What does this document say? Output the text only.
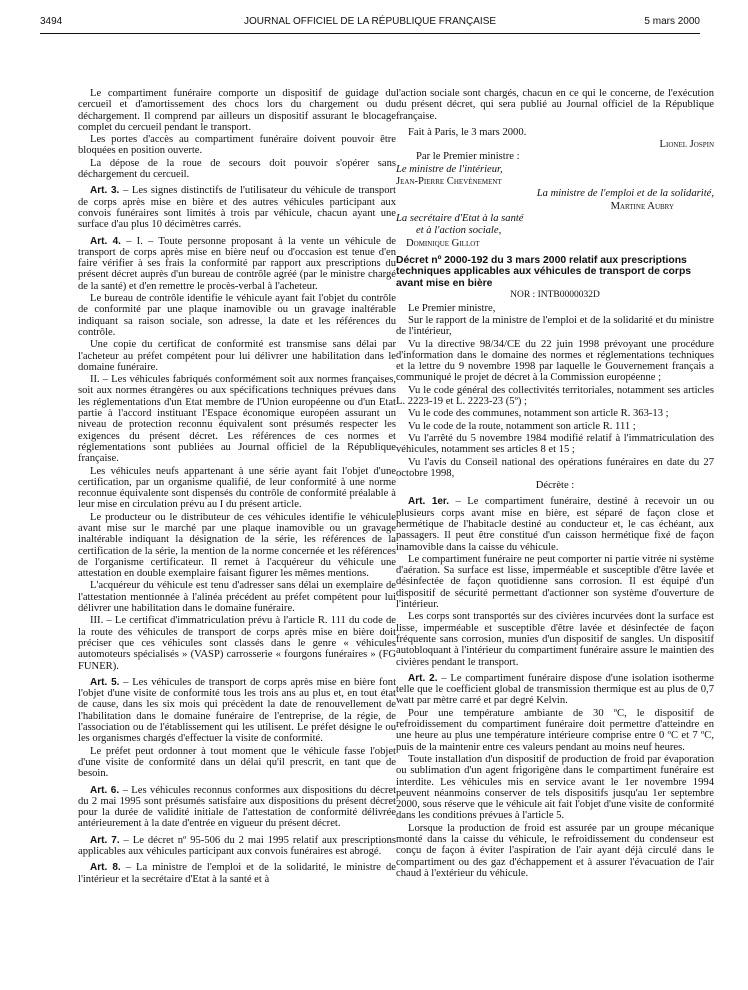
3494	JOURNAL OFFICIEL DE LA RÉPUBLIQUE FRANÇAISE	5 mars 2000

Le compartiment funéraire comporte un dispositif de guidage du cercueil et d'amortissement des chocs lors du chargement ou du déchargement. Il comprend par ailleurs un dispositif assurant le blocage complet du cercueil pendant le transport.

Les portes d'accès au compartiment funéraire doivent pouvoir être bloquées en position ouverte.

La dépose de la roue de secours doit pouvoir s'opérer sans déchargement du cercueil.

Art. 3. – Les signes distinctifs de l'utilisateur du véhicule de transport de corps après mise en bière et des autres véhicules participant aux convois funéraires sont limités à trois par véhicule, chacun ayant une surface d'au plus 10 décimètres carrés.

Art. 4. – I. – Toute personne proposant à la vente un véhicule de transport de corps après mise en bière neuf ou d'occasion est tenue d'en faire vérifier à ses frais la conformité par rapport aux prescriptions du présent décret auprès d'un bureau de contrôle agréé (par le ministre chargé de la santé) et d'en remettre le procès-verbal à l'acheteur.

Le bureau de contrôle identifie le véhicule ayant fait l'objet du contrôle de conformité par une plaque inamovible ou un gravage inaltérable indiquant sa raison sociale, son adresse, la date et les références du contrôle.

Une copie du certificat de conformité est transmise sans délai par l'acheteur au préfet compétent pour lui délivrer une habilitation dans le domaine funéraire.

II. – Les véhicules fabriqués conformément soit aux normes françaises, soit aux normes étrangères ou aux spécifications techniques prévues dans les réglementations d'un Etat membre de l'Union européenne ou d'un Etat partie à l'accord instituant l'Espace économique européen assurant un niveau de protection reconnu équivalent sont présumés respecter les exigences du présent décret. Les références de ces normes et réglementations sont publiées au Journal officiel de la République française.

Les véhicules neufs appartenant à une série ayant fait l'objet d'une certification, par un organisme qualifié, de leur conformité à une norme reconnue équivalente sont dispensés du contrôle de conformité préalable à leur mise en circulation prévu au I du présent article.

Le producteur ou le distributeur de ces véhicules identifie le véhicule avant mise sur le marché par une plaque inamovible ou un gravage inaltérable indiquant la désignation de la série, les références de la certification de la série, la mention de la norme concernée et les références de l'organisme certificateur. Il remet à l'acquéreur du véhicule une attestation en double exemplaire faisant figurer les mêmes mentions.

L'acquéreur du véhicule est tenu d'adresser sans délai un exemplaire de l'attestation mentionnée à l'alinéa précédent au préfet compétent pour lui délivrer une habilitation dans le domaine funéraire.

III. – Le certificat d'immatriculation prévu à l'article R. 111 du code de la route des véhicules de transport de corps après mise en bière doit préciser que ces véhicules sont classés dans le genre « véhicules automoteurs spécialisés » (VASP) carrosserie « fourgons funéraires » (FG FUNER).

Art. 5. – Les véhicules de transport de corps après mise en bière font l'objet d'une visite de conformité tous les trois ans au plus et, en tout état de cause, dans les six mois qui précèdent la date de renouvellement de l'habilitation dans le domaine funéraire de l'entreprise, de la régie, de l'association ou de l'établissement qui les utilisent. Le préfet désigne le ou les organismes chargés d'effectuer la visite de conformité.

Le préfet peut ordonner à tout moment que le véhicule fasse l'objet d'une visite de conformité dans un délai qu'il prescrit, en tant que de besoin.

Art. 6. – Les véhicules reconnus conformes aux dispositions du décret du 2 mai 1995 sont présumés satisfaire aux dispositions du présent décret pour la durée de validité initiale de l'attestation de conformité délivrée antérieurement à la date d'entrée en vigueur du présent décret.

Art. 7. – Le décret nº 95-506 du 2 mai 1995 relatif aux prescriptions applicables aux véhicules participant aux convois funéraires est abrogé.

Art. 8. – La ministre de l'emploi et de la solidarité, le ministre de l'intérieur et la secrétaire d'Etat à la santé et à

l'action sociale sont chargés, chacun en ce qui le concerne, de l'exécution du présent décret, qui sera publié au Journal officiel de la République française.

Fait à Paris, le 3 mars 2000.

Lionel Jospin

Par le Premier ministre :

Le ministre de l'intérieur,

Jean-Pierre Chevènement

La ministre de l'emploi et de la solidarité,

Martine Aubry

La secrétaire d'Etat à la santé

et à l'action sociale,

Dominique Gillot

Décret nº 2000-192 du 3 mars 2000 relatif aux prescriptions techniques applicables aux véhicules de transport de corps avant mise en bière

NOR : INTB0000032D

Le Premier ministre,

Sur le rapport de la ministre de l'emploi et de la solidarité et du ministre de l'intérieur,

Vu la directive 98/34/CE du 22 juin 1998 prévoyant une procédure d'information dans le domaine des normes et réglementations techniques et la lettre du 9 novembre 1998 par laquelle le Gouvernement français a communiqué le projet de décret à la Commission européenne ;

Vu le code général des collectivités territoriales, notamment ses articles L. 2223-19 et L. 2223-23 (5º) ;

Vu le code des communes, notamment son article R. 363-13 ;

Vu le code de la route, notamment son article R. 111 ;

Vu l'arrêté du 5 novembre 1984 modifié relatif à l'immatriculation des véhicules, notamment ses articles 8 et 15 ;

Vu l'avis du Conseil national des opérations funéraires en date du 27 octobre 1998,

Décrète :

Art. 1er. – Le compartiment funéraire, destiné à recevoir un ou plusieurs corps avant mise en bière, est séparé de façon close et hermétique de l'habitacle destiné au conducteur et, le cas échéant, aux passagers. Il peut être constitué d'un caisson hermétique fixé de façon inamovible dans la caisse du véhicule.

Le compartiment funéraire ne peut comporter ni partie vitrée ni système d'aération. Sa surface est lisse, imperméable et susceptible d'être lavée et désinfectée de façon quotidienne sans corrosion. Il est équipé d'un dispositif de sécurité permettant d'actionner son système d'ouverture de l'intérieur.

Les corps sont transportés sur des civières incurvées dont la surface est lisse, imperméable et susceptible d'être lavée et désinfectée de façon fréquente sans corrosion, munies d'un dispositif de sangles. Un dispositif autobloquant à l'intérieur du compartiment funéraire assure le maintien des civières pendant le transport.

Art. 2. – Le compartiment funéraire dispose d'une isolation isotherme telle que le coefficient global de transmission thermique est au plus de 0,7 watt par mètre carré et par degré Kelvin.

Pour une température ambiante de 30 ºC, le dispositif de refroidissement du compartiment funéraire doit permettre d'atteindre en une heure au plus une température intérieure comprise entre 0 ºC et 7 ºC, puis de la maintenir entre ces valeurs pendant au moins neuf heures.

Toute installation d'un dispositif de production de froid par évaporation ou sublimation d'un agent frigorigène dans le compartiment funéraire est interdite. Les véhicules mis en service avant le 1er novembre 1994 peuvent néanmoins conserver de tels dispositifs jusqu'au 1er septembre 2000, sous réserve que le véhicule ait fait l'objet d'une visite de conformité dans les conditions prévues à l'article 5.

Lorsque la production de froid est assurée par un groupe mécanique monté dans la caisse du véhicule, le refroidissement du condenseur est conçu de façon à éviter l'aspiration de l'air ayant déjà circulé dans le compartiment ou des gaz d'échappement et à assurer l'évacuation de l'air chaud à l'extérieur du véhicule.
